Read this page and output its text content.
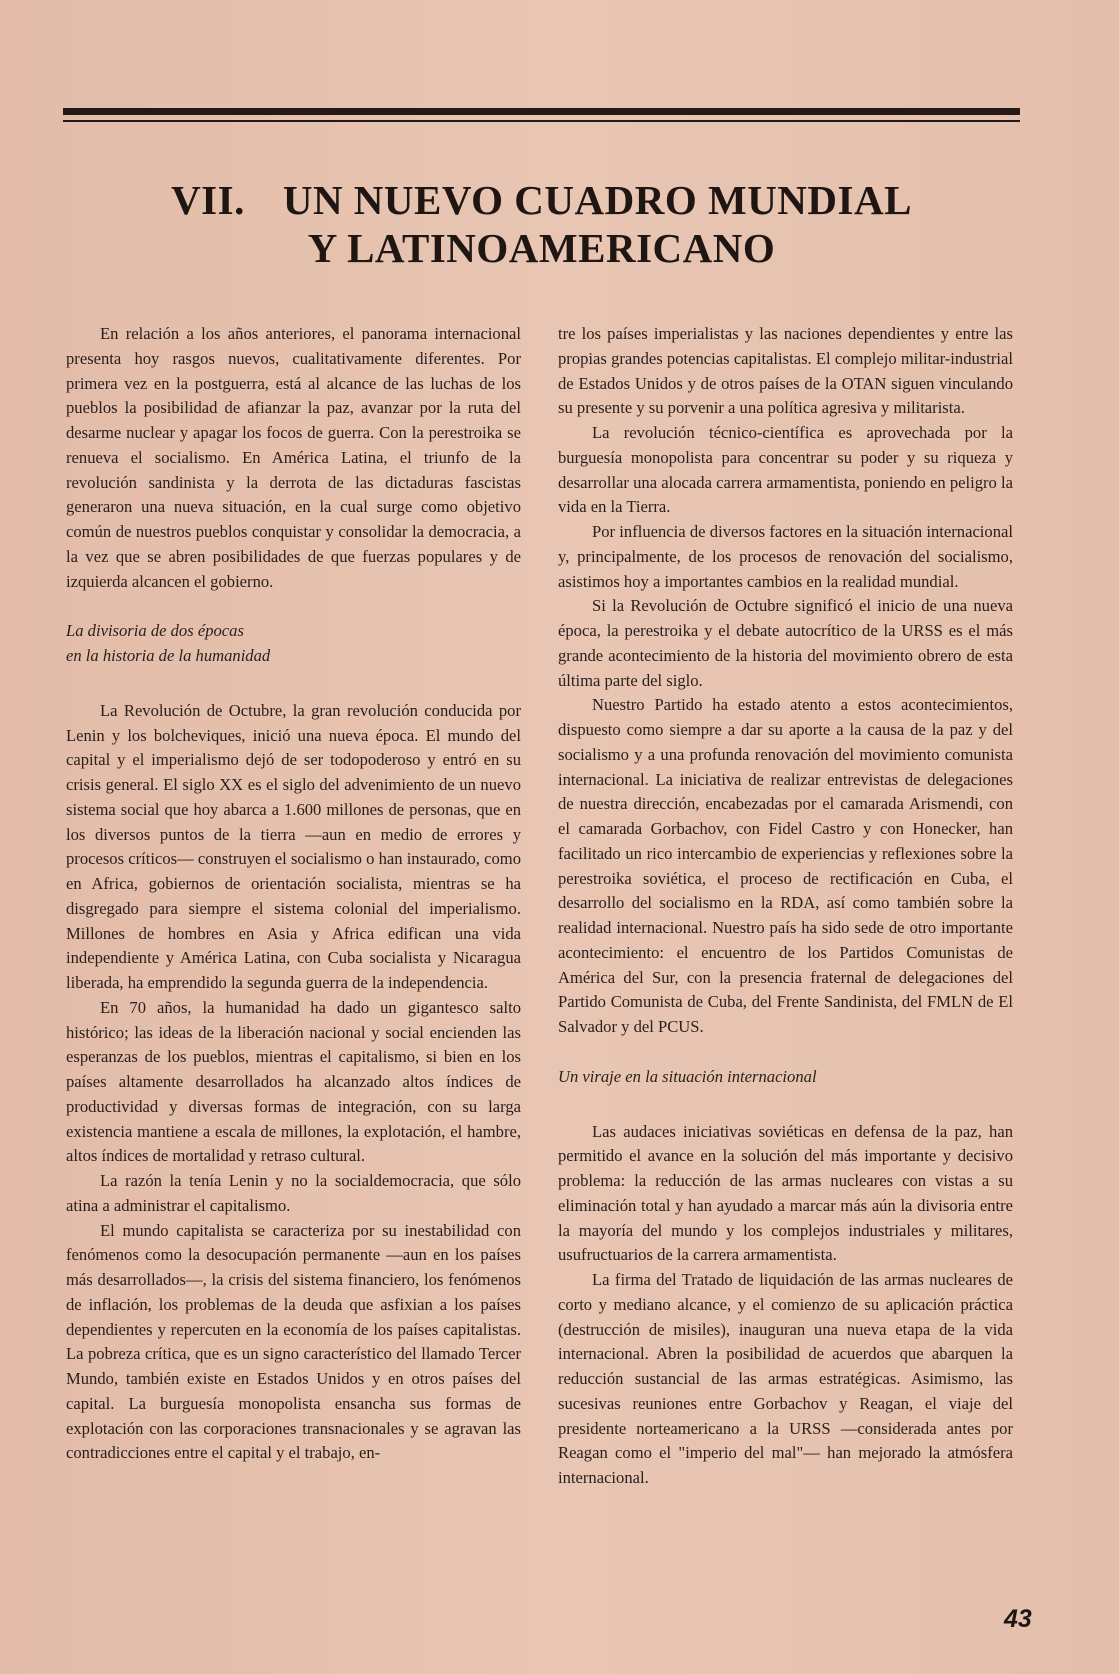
VII. UN NUEVO CUADRO MUNDIAL
Y LATINOAMERICANO

En relación a los años anteriores, el panorama internacional presenta hoy rasgos nuevos, cualitativamente diferentes. Por primera vez en la postguerra, está al alcance de las luchas de los pueblos la posibilidad de afianzar la paz, avanzar por la ruta del desarme nuclear y apagar los focos de guerra. Con la perestroika se renueva el socialismo. En América Latina, el triunfo de la revolución sandinista y la derrota de las dictaduras fascistas generaron una nueva situación, en la cual surge como objetivo común de nuestros pueblos conquistar y consolidar la democracia, a la vez que se abren posibilidades de que fuerzas populares y de izquierda alcancen el gobierno.

La divisoria de dos épocas
en la historia de la humanidad

La Revolución de Octubre, la gran revolución conducida por Lenin y los bolcheviques, inició una nueva época. El mundo del capital y el imperialismo dejó de ser todopoderoso y entró en su crisis general. El siglo XX es el siglo del advenimiento de un nuevo sistema social que hoy abarca a 1.600 millones de personas, que en los diversos puntos de la tierra —aun en medio de errores y procesos críticos— construyen el socialismo o han instaurado, como en Africa, gobiernos de orientación socialista, mientras se ha disgregado para siempre el sistema colonial del imperialismo. Millones de hombres en Asia y Africa edifican una vida independiente y América Latina, con Cuba socialista y Nicaragua liberada, ha emprendido la segunda guerra de la independencia.

En 70 años, la humanidad ha dado un gigantesco salto histórico; las ideas de la liberación nacional y social encienden las esperanzas de los pueblos, mientras el capitalismo, si bien en los países altamente desarrollados ha alcanzado altos índices de productividad y diversas formas de integración, con su larga existencia mantiene a escala de millones, la explotación, el hambre, altos índices de mortalidad y retraso cultural.

La razón la tenía Lenin y no la socialdemocracia, que sólo atina a administrar el capitalismo.

El mundo capitalista se caracteriza por su inestabilidad con fenómenos como la desocupación permanente —aun en los países más desarrollados—, la crisis del sistema financiero, los fenómenos de inflación, los problemas de la deuda que asfixian a los países dependientes y repercuten en la economía de los países capitalistas. La pobreza crítica, que es un signo característico del llamado Tercer Mundo, también existe en Estados Unidos y en otros países del capital. La burguesía monopolista ensancha sus formas de explotación con las corporaciones transnacionales y se agravan las contradicciones entre el capital y el trabajo, en-

tre los países imperialistas y las naciones dependientes y entre las propias grandes potencias capitalistas. El complejo militar-industrial de Estados Unidos y de otros países de la OTAN siguen vinculando su presente y su porvenir a una política agresiva y militarista.

La revolución técnico-científica es aprovechada por la burguesía monopolista para concentrar su poder y su riqueza y desarrollar una alocada carrera armamentista, poniendo en peligro la vida en la Tierra.

Por influencia de diversos factores en la situación internacional y, principalmente, de los procesos de renovación del socialismo, asistimos hoy a importantes cambios en la realidad mundial.

Si la Revolución de Octubre significó el inicio de una nueva época, la perestroika y el debate autocrítico de la URSS es el más grande acontecimiento de la historia del movimiento obrero de esta última parte del siglo.

Nuestro Partido ha estado atento a estos acontecimientos, dispuesto como siempre a dar su aporte a la causa de la paz y del socialismo y a una profunda renovación del movimiento comunista internacional. La iniciativa de realizar entrevistas de delegaciones de nuestra dirección, encabezadas por el camarada Arismendi, con el camarada Gorbachov, con Fidel Castro y con Honecker, han facilitado un rico intercambio de experiencias y reflexiones sobre la perestroika soviética, el proceso de rectificación en Cuba, el desarrollo del socialismo en la RDA, así como también sobre la realidad internacional. Nuestro país ha sido sede de otro importante acontecimiento: el encuentro de los Partidos Comunistas de América del Sur, con la presencia fraternal de delegaciones del Partido Comunista de Cuba, del Frente Sandinista, del FMLN de El Salvador y del PCUS.

Un viraje en la situación internacional

Las audaces iniciativas soviéticas en defensa de la paz, han permitido el avance en la solución del más importante y decisivo problema: la reducción de las armas nucleares con vistas a su eliminación total y han ayudado a marcar más aún la divisoria entre la mayoría del mundo y los complejos industriales y militares, usufructuarios de la carrera armamentista.

La firma del Tratado de liquidación de las armas nucleares de corto y mediano alcance, y el comienzo de su aplicación práctica (destrucción de misiles), inauguran una nueva etapa de la vida internacional. Abren la posibilidad de acuerdos que abarquen la reducción sustancial de las armas estratégicas. Asimismo, las sucesivas reuniones entre Gorbachov y Reagan, el viaje del presidente norteamericano a la URSS —considerada antes por Reagan como el "imperio del mal"— han mejorado la atmósfera internacional.

43
